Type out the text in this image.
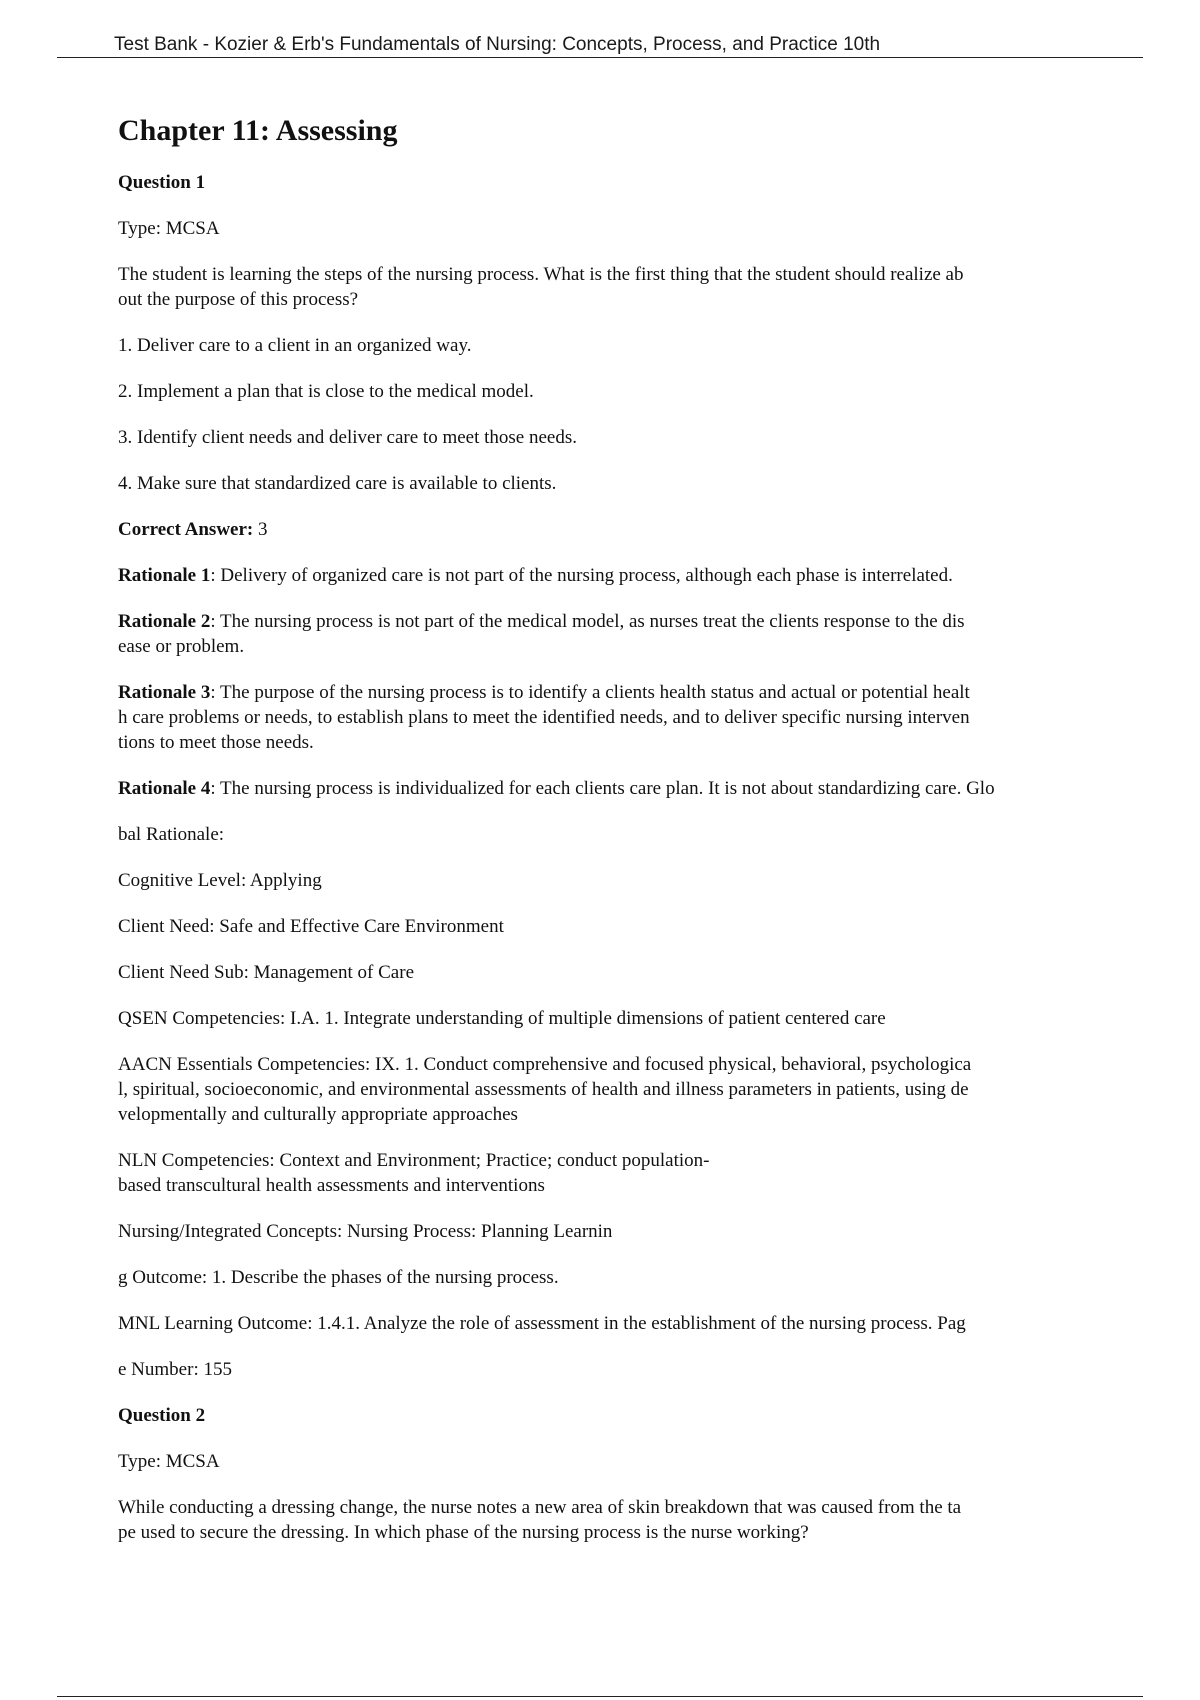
Test Bank - Kozier & Erb's Fundamentals of Nursing: Concepts, Process, and Practice 10th
Chapter 11: Assessing

Question 1

Type: MCSA

The student is learning the steps of the nursing process. What is the first thing that the student should realize ab
out the purpose of this process?

1. Deliver care to a client in an organized way.

2. Implement a plan that is close to the medical model.

3. Identify client needs and deliver care to meet those needs.

4. Make sure that standardized care is available to clients.

Correct Answer: 3

Rationale 1: Delivery of organized care is not part of the nursing process, although each phase is interrelated.

Rationale 2: The nursing process is not part of the medical model, as nurses treat the clients response to the dis
ease or problem.

Rationale 3: The purpose of the nursing process is to identify a clients health status and actual or potential healt
h care problems or needs, to establish plans to meet the identified needs, and to deliver specific nursing interven
tions to meet those needs.

Rationale 4: The nursing process is individualized for each clients care plan. It is not about standardizing care. Glo

bal Rationale:

Cognitive Level: Applying

Client Need: Safe and Effective Care Environment

Client Need Sub: Management of Care

QSEN Competencies: I.A. 1. Integrate understanding of multiple dimensions of patient centered care

AACN Essentials Competencies: IX. 1. Conduct comprehensive and focused physical, behavioral, psychologica
l, spiritual, socioeconomic, and environmental assessments of health and illness parameters in patients, using de
velopmentally and culturally appropriate approaches

NLN Competencies: Context and Environment; Practice; conduct population-
based transcultural health assessments and interventions

Nursing/Integrated Concepts: Nursing Process: Planning Learnin

g Outcome: 1. Describe the phases of the nursing process.

MNL Learning Outcome: 1.4.1. Analyze the role of assessment in the establishment of the nursing process. Pag

e Number: 155

Question 2

Type: MCSA

While conducting a dressing change, the nurse notes a new area of skin breakdown that was caused from the ta
pe used to secure the dressing. In which phase of the nursing process is the nurse working?
